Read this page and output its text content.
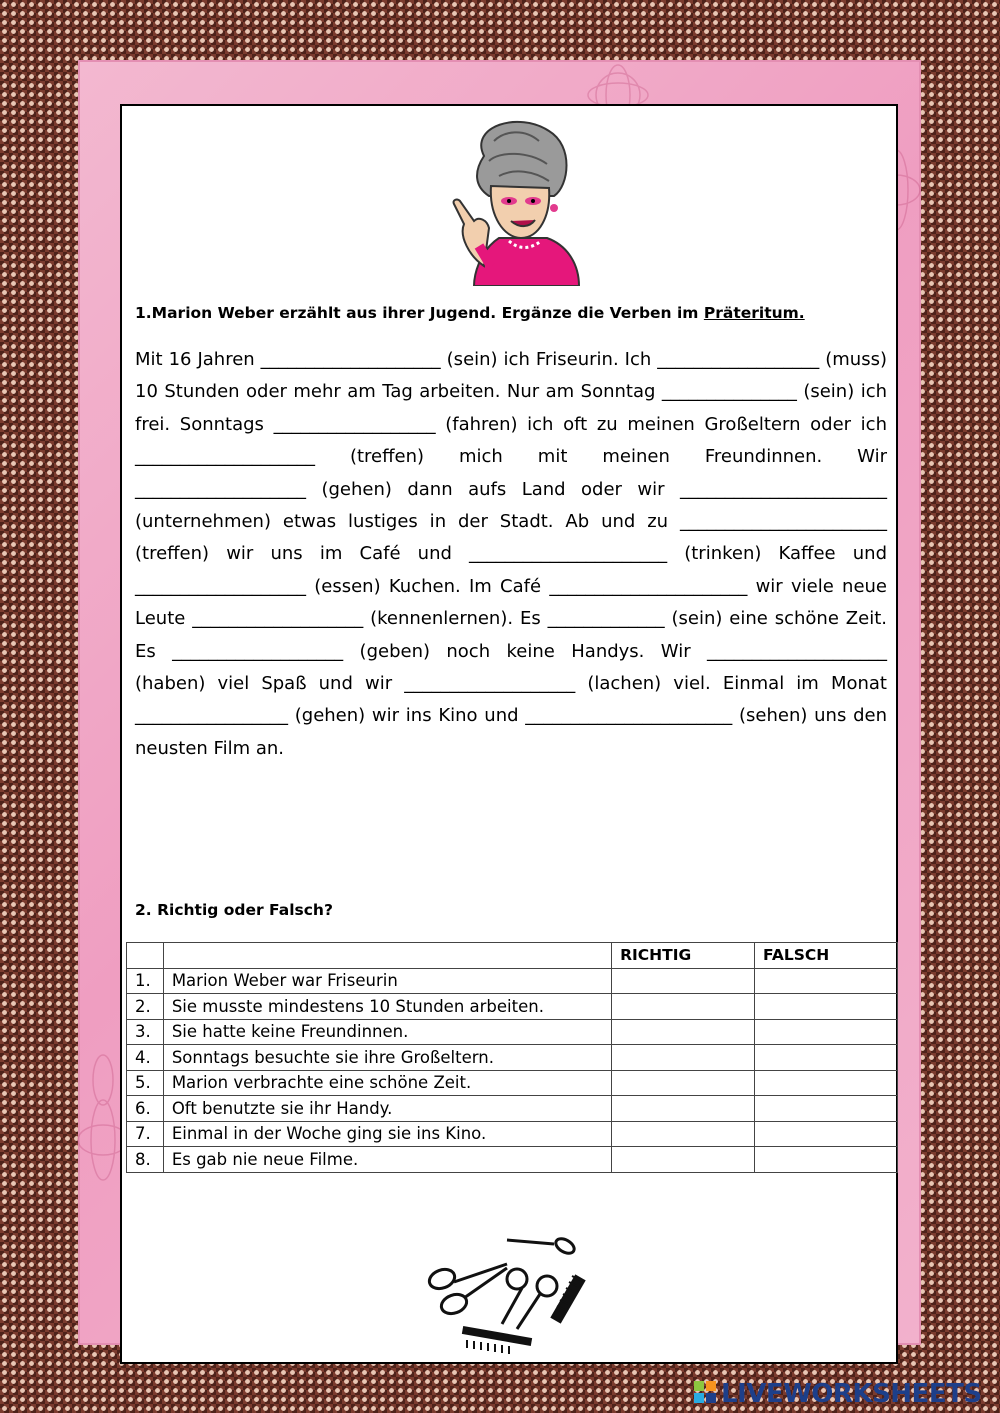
1.Marion Weber erzählt aus ihrer Jugend. Ergänze die Verben im Präteritum.

Mit 16 Jahren ____________________ (sein) ich Friseurin. Ich __________________ (muss) 10 Stunden oder mehr am Tag arbeiten. Nur am Sonntag _______________ (sein) ich frei. Sonntags __________________ (fahren) ich oft zu meinen Großeltern oder ich ____________________ (treffen) mich mit meinen Freundinnen. Wir ___________________ (gehen) dann aufs Land oder wir _______________________ (unternehmen) etwas lustiges in der Stadt. Ab und zu _______________________ (treffen) wir uns im Café und ______________________ (trinken) Kaffee und ___________________ (essen) Kuchen. Im Café ______________________ wir viele neue Leute ___________________ (kennenlernen). Es _____________ (sein) eine schöne Zeit. Es ___________________ (geben) noch keine Handys. Wir ____________________ (haben) viel Spaß und wir ___________________ (lachen) viel. Einmal im Monat _________________ (gehen) wir ins Kino und _______________________ (sehen) uns den neusten Film an.

2. Richtig oder Falsch?

		RICHTIG	FALSCH
1.	Marion Weber war Friseurin		
2.	Sie musste mindestens 10 Stunden arbeiten.		
3.	Sie hatte keine Freundinnen.		
4.	Sonntags besuchte sie ihre Großeltern.		
5.	Marion verbrachte eine schöne Zeit.		
6.	Oft benutzte sie ihr Handy.		
7.	Einmal in der Woche ging sie ins Kino.		
8.	Es gab nie neue Filme.		
LIVEWORKSHEETS
